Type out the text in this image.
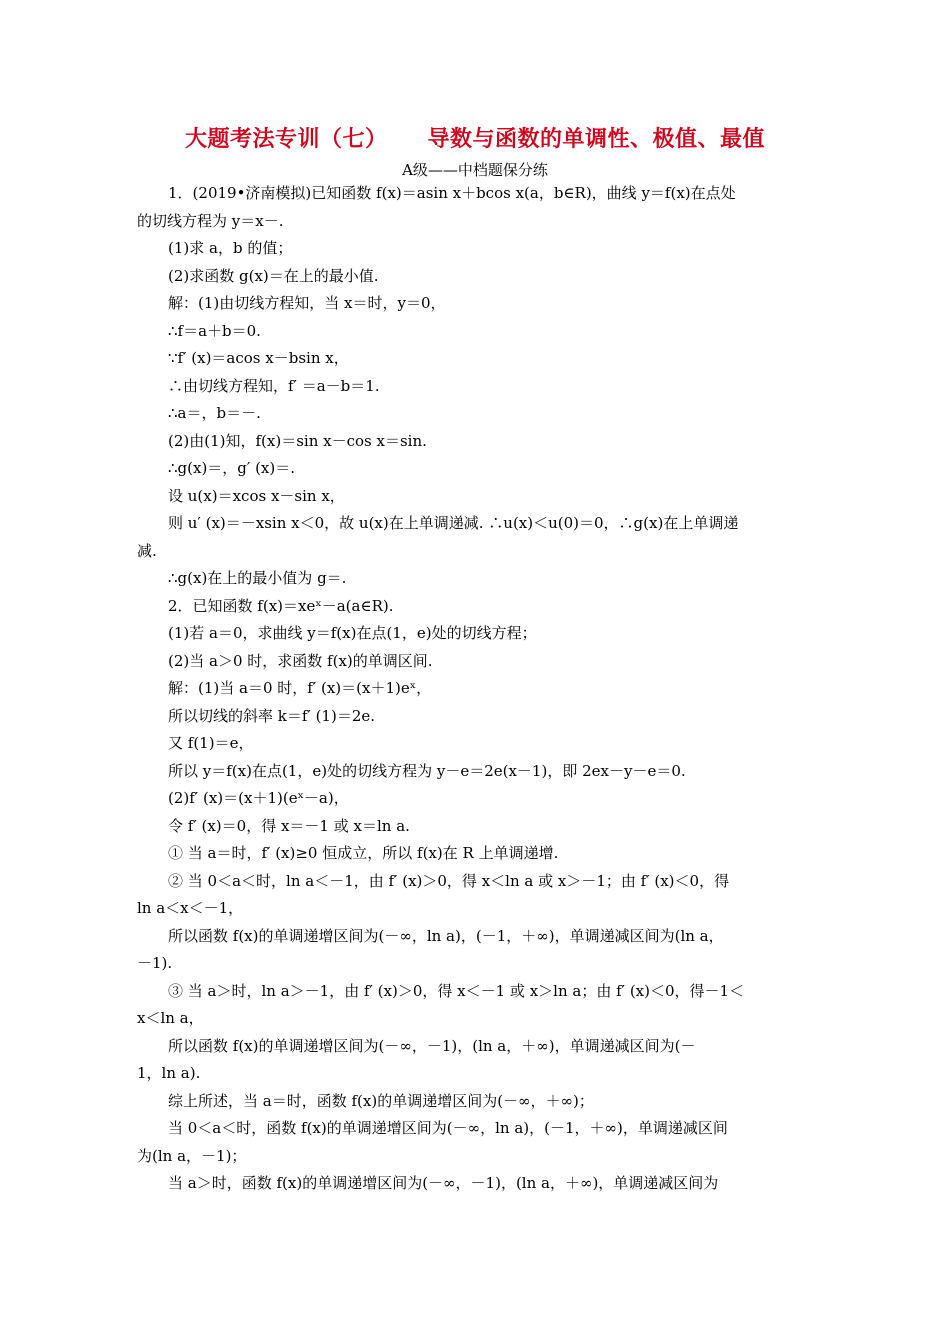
大题考法专训（七） 导数与函数的单调性、极值、最值
A级——中档题保分练
1．(2019•济南模拟)已知函数 f(x)＝asin x＋bcos x(a，b∈R)，曲线 y＝f(x)在点处
的切线方程为 y＝x－.
(1)求 a，b 的值；
(2)求函数 g(x)＝在上的最小值.
解：(1)由切线方程知，当 x＝时，y＝0，
∴f＝a＋b＝0.
∵f′ (x)＝acos x－bsin x，
∴由切线方程知，f′ ＝a－b＝1.
∴a＝，b＝－.
(2)由(1)知，f(x)＝sin x－cos x＝sin.
∴g(x)＝，g′ (x)＝.
设 u(x)＝xcos x－sin x，
则 u′ (x)＝－xsin x＜0，故 u(x)在上单调递减. ∴u(x)＜u(0)＝0，∴g(x)在上单调递
减.
∴g(x)在上的最小值为 g＝.
2．已知函数 f(x)＝xeˣ－a(a∈R).
(1)若 a＝0，求曲线 y＝f(x)在点(1，e)处的切线方程；
(2)当 a＞0 时，求函数 f(x)的单调区间.
解：(1)当 a＝0 时，f′ (x)＝(x＋1)eˣ，
所以切线的斜率 k＝f′ (1)＝2e.
又 f(1)＝e，
所以 y＝f(x)在点(1，e)处的切线方程为 y－e＝2e(x－1)，即 2ex－y－e＝0.
(2)f′ (x)＝(x＋1)(eˣ－a)，
令 f′ (x)＝0，得 x＝－1 或 x＝ln a.
① 当 a＝时，f′ (x)≥0 恒成立，所以 f(x)在 R 上单调递增.
② 当 0＜a＜时，ln a＜－1，由 f′ (x)＞0，得 x＜ln a 或 x＞－1；由 f′ (x)＜0，得
ln a＜x＜－1，
所以函数 f(x)的单调递增区间为(－∞，ln a)，(－1，＋∞)，单调递减区间为(ln a，
－1).
③ 当 a＞时，ln a＞－1，由 f′ (x)＞0，得 x＜－1 或 x＞ln a；由 f′ (x)＜0，得－1＜
x＜ln a，
所以函数 f(x)的单调递增区间为(－∞，－1)，(ln a，＋∞)，单调递减区间为(－
1，ln a).
综上所述，当 a＝时，函数 f(x)的单调递增区间为(－∞，＋∞)；
当 0＜a＜时，函数 f(x)的单调递增区间为(－∞，ln a)，(－1，＋∞)，单调递减区间
为(ln a，－1)；
当 a＞时，函数 f(x)的单调递增区间为(－∞，－1)，(ln a，＋∞)，单调递减区间为
